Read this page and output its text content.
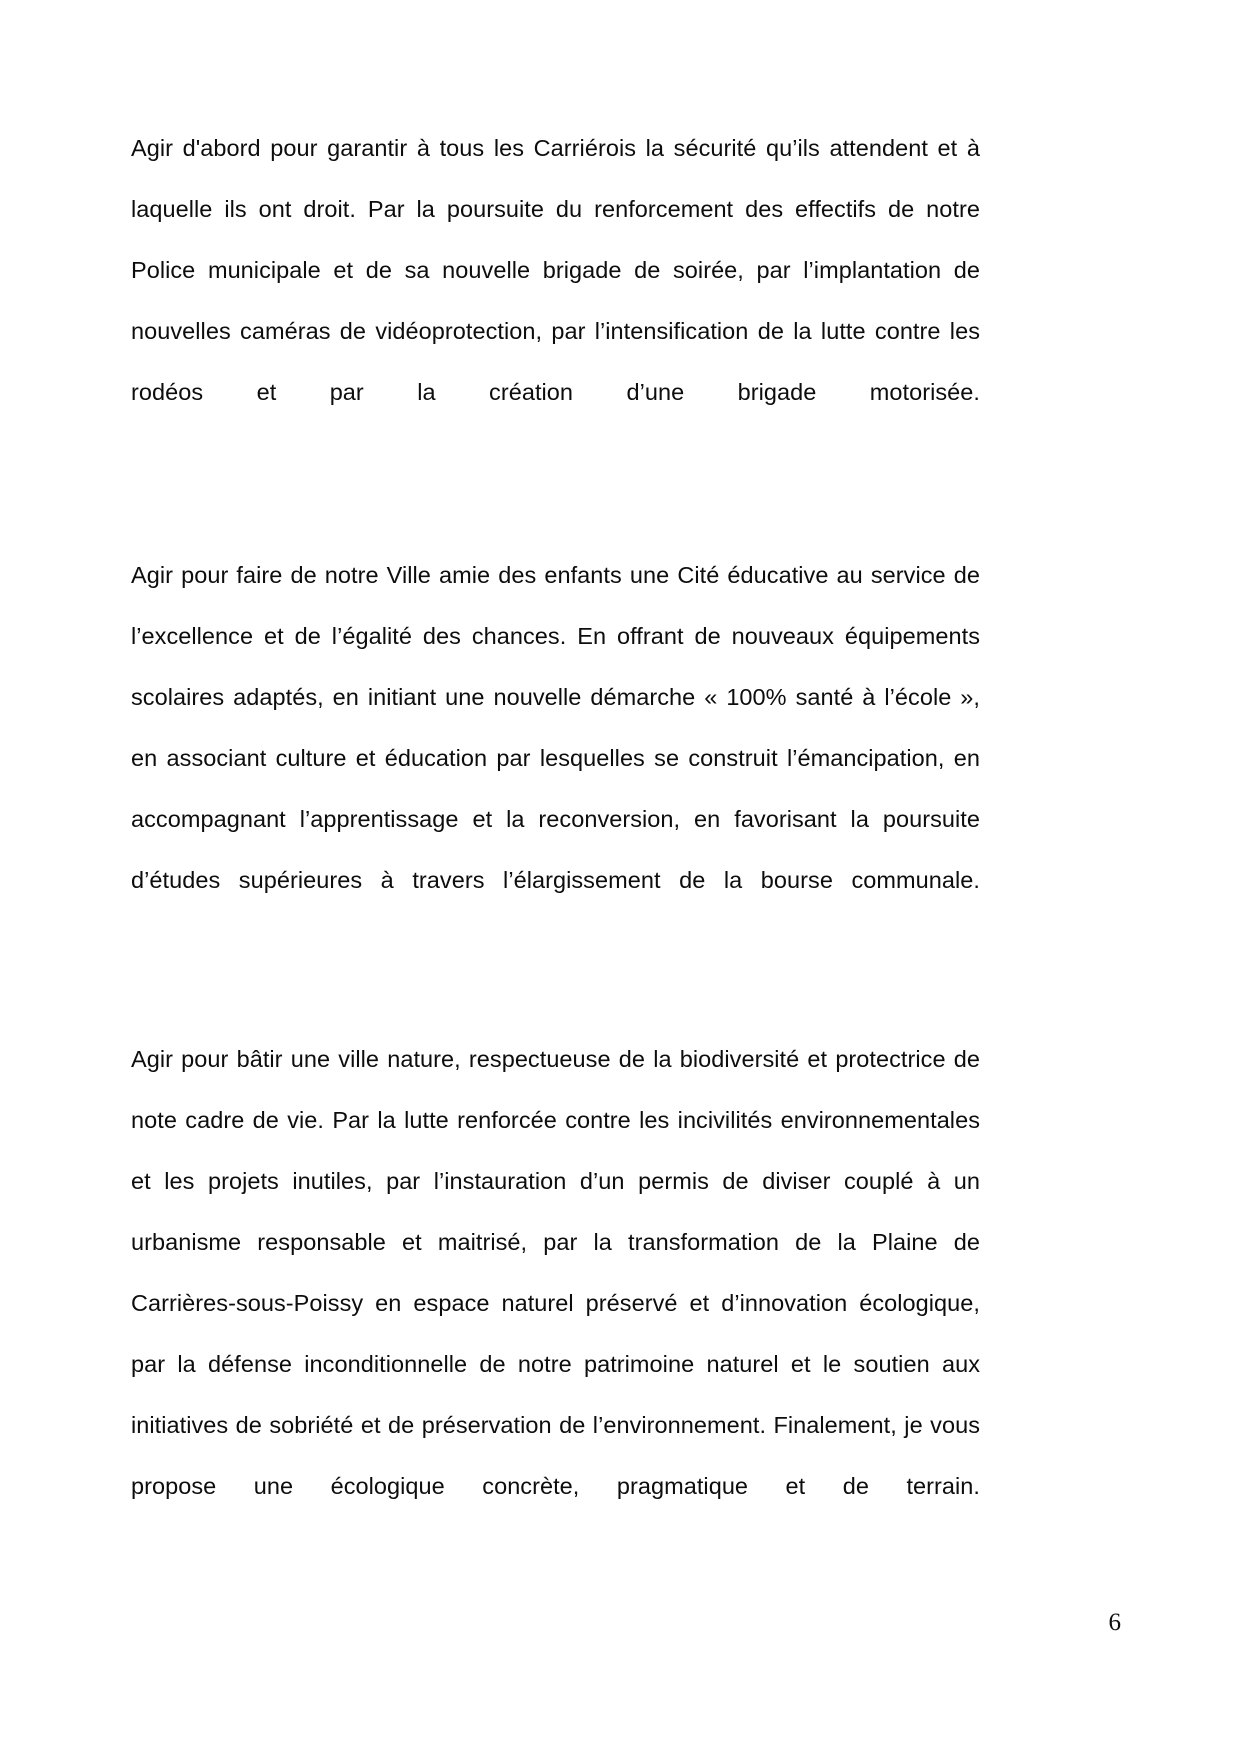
Agir d'abord pour garantir à tous les Carriérois la sécurité qu’ils attendent et à laquelle ils ont droit. Par la poursuite du renforcement des effectifs de notre Police municipale et de sa nouvelle brigade de soirée, par l’implantation de nouvelles caméras de vidéoprotection, par l’intensification de la lutte contre les rodéos et par la création d’une brigade motorisée.

Agir pour faire de notre Ville amie des enfants une Cité éducative au service de l’excellence et de l’égalité des chances. En offrant de nouveaux équipements scolaires adaptés, en initiant une nouvelle démarche « 100% santé à l’école », en associant culture et éducation par lesquelles se construit l’émancipation, en accompagnant l’apprentissage et la reconversion, en favorisant la poursuite d’études supérieures à travers l’élargissement de la bourse communale.

Agir pour bâtir une ville nature, respectueuse de la biodiversité et protectrice de note cadre de vie. Par la lutte renforcée contre les incivilités environnementales et les projets inutiles, par l’instauration d’un permis de diviser couplé à un urbanisme responsable et maitrisé, par la transformation de la Plaine de Carrières-sous-Poissy en espace naturel préservé et d’innovation écologique, par la défense inconditionnelle de notre patrimoine naturel et le soutien aux initiatives de sobriété et de préservation de l’environnement. Finalement, je vous propose une écologique concrète, pragmatique et de terrain.

6
